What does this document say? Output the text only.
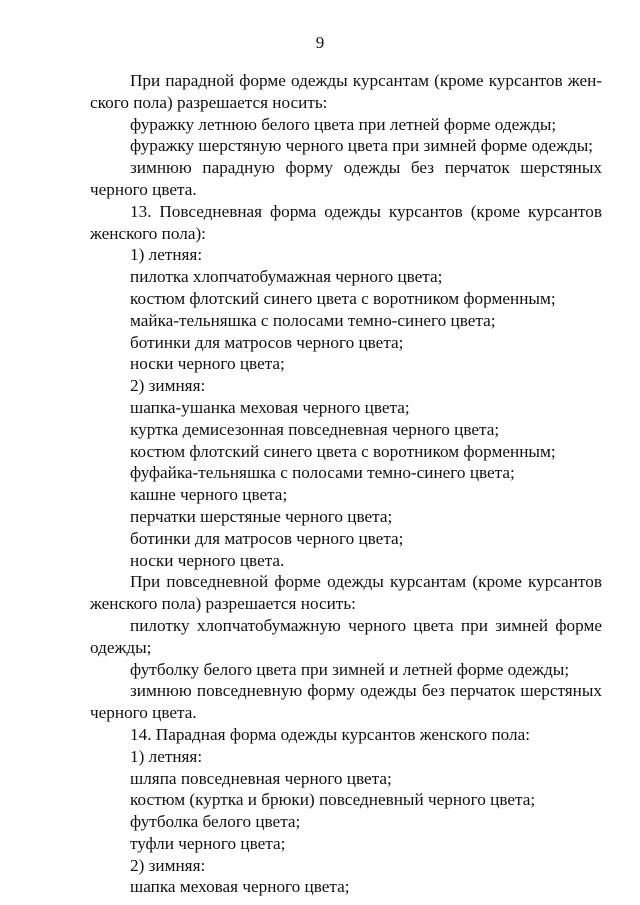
9

При парадной форме одежды курсантам (кроме курсантов жен-ского пола) разрешается носить:

фуражку летнюю белого цвета при летней форме одежды;

фуражку шерстяную черного цвета при зимней форме одежды;

зимнюю парадную форму одежды без перчаток шерстяных черного цвета.

13. Повседневная форма одежды курсантов (кроме курсантов женского пола):

1) летняя:

пилотка хлопчатобумажная черного цвета;

костюм флотский синего цвета с воротником форменным;

майка-тельняшка с полосами темно-синего цвета;

ботинки для матросов черного цвета;

носки черного цвета;

2) зимняя:

шапка-ушанка меховая черного цвета;

куртка демисезонная повседневная черного цвета;

костюм флотский синего цвета с воротником форменным;

фуфайка-тельняшка с полосами темно-синего цвета;

кашне черного цвета;

перчатки шерстяные черного цвета;

ботинки для матросов черного цвета;

носки черного цвета.

При повседневной форме одежды курсантам (кроме курсантов женского пола) разрешается носить:

пилотку хлопчатобумажную черного цвета при зимней форме одежды;

футболку белого цвета при зимней и летней форме одежды;

зимнюю повседневную форму одежды без перчаток шерстяных черного цвета.

14. Парадная форма одежды курсантов женского пола:

1) летняя:

шляпа повседневная черного цвета;

костюм (куртка и брюки) повседневный черного цвета;

футболка белого цвета;

туфли черного цвета;

2) зимняя:

шапка меховая черного цвета;
